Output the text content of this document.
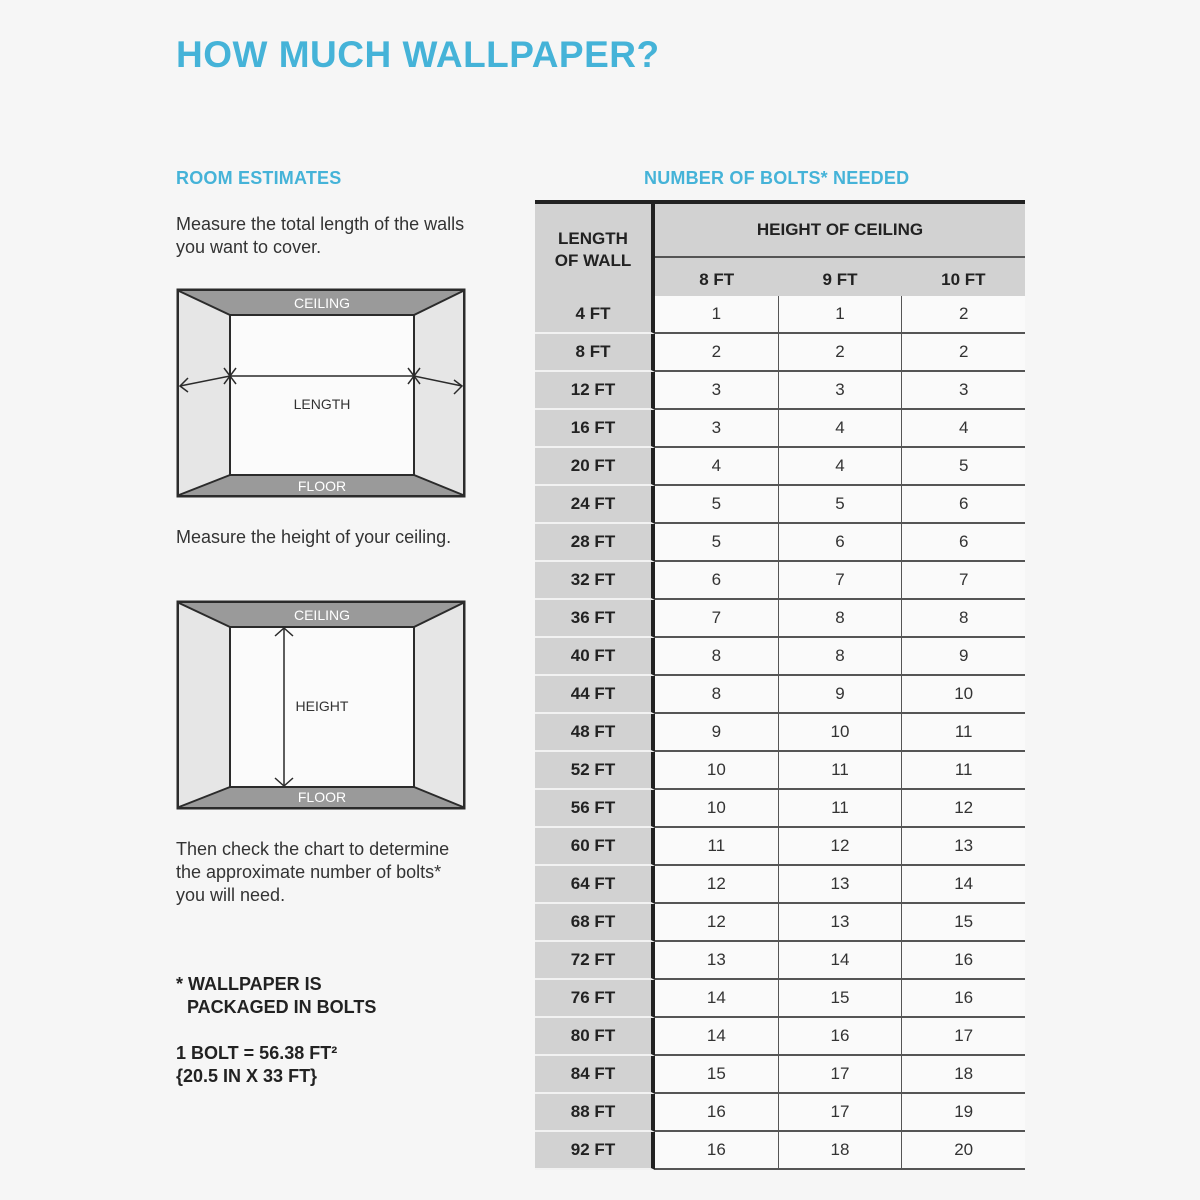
HOW MUCH WALLPAPER?
ROOM ESTIMATES	NUMBER OF BOLTS* NEEDED

Measure the total length of the walls you want to cover.

CEILING
LENGTH
FLOOR

Measure the height of your ceiling.

CEILING
HEIGHT
FLOOR

Then check the chart to determine the approximate number of bolts* you will need.

* WALLPAPER IS

PACKAGED IN BOLTS

1 BOLT = 56.38 FT²

{20.5 IN X 33 FT}

LENGTH
OF WALL
HEIGHT OF CEILING
8 FT	9 FT	10 FT
4 FT	1	1	2
8 FT	2	2	2
12 FT	3	3	3
16 FT	3	4	4
20 FT	4	4	5
24 FT	5	5	6
28 FT	5	6	6
32 FT	6	7	7
36 FT	7	8	8
40 FT	8	8	9
44 FT	8	9	10
48 FT	9	10	11
52 FT	10	11	11
56 FT	10	11	12
60 FT	11	12	13
64 FT	12	13	14
68 FT	12	13	15
72 FT	13	14	16
76 FT	14	15	16
80 FT	14	16	17
84 FT	15	17	18
88 FT	16	17	19
92 FT	16	18	20
